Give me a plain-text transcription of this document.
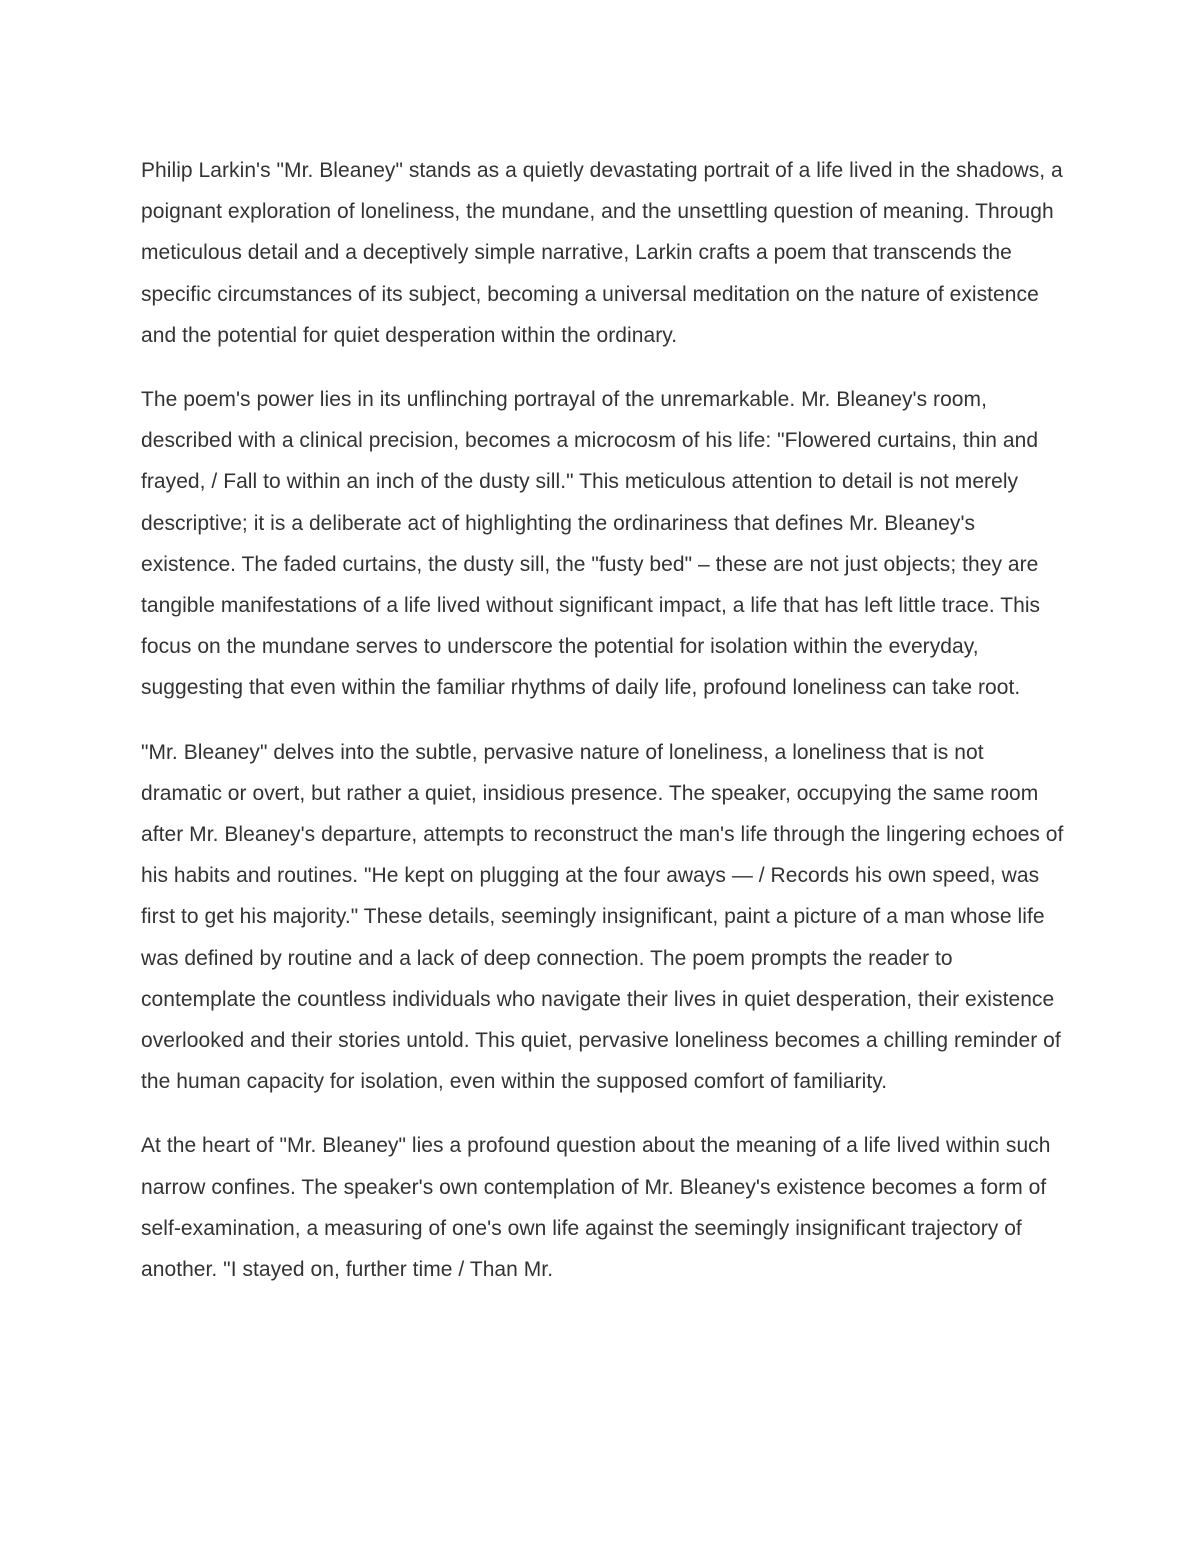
Philip Larkin's "Mr. Bleaney" stands as a quietly devastating portrait of a life lived in the shadows, a poignant exploration of loneliness, the mundane, and the unsettling question of meaning. Through meticulous detail and a deceptively simple narrative, Larkin crafts a poem that transcends the specific circumstances of its subject, becoming a universal meditation on the nature of existence and the potential for quiet desperation within the ordinary.

The poem's power lies in its unflinching portrayal of the unremarkable. Mr. Bleaney's room, described with a clinical precision, becomes a microcosm of his life: "Flowered curtains, thin and frayed, / Fall to within an inch of the dusty sill." This meticulous attention to detail is not merely descriptive; it is a deliberate act of highlighting the ordinariness that defines Mr. Bleaney's existence. The faded curtains, the dusty sill, the "fusty bed" – these are not just objects; they are tangible manifestations of a life lived without significant impact, a life that has left little trace. This focus on the mundane serves to underscore the potential for isolation within the everyday, suggesting that even within the familiar rhythms of daily life, profound loneliness can take root.

"Mr. Bleaney" delves into the subtle, pervasive nature of loneliness, a loneliness that is not dramatic or overt, but rather a quiet, insidious presence. The speaker, occupying the same room after Mr. Bleaney's departure, attempts to reconstruct the man's life through the lingering echoes of his habits and routines. "He kept on plugging at the four aways — / Records his own speed, was first to get his majority." These details, seemingly insignificant, paint a picture of a man whose life was defined by routine and a lack of deep connection. The poem prompts the reader to contemplate the countless individuals who navigate their lives in quiet desperation, their existence overlooked and their stories untold. This quiet, pervasive loneliness becomes a chilling reminder of the human capacity for isolation, even within the supposed comfort of familiarity.

At the heart of "Mr. Bleaney" lies a profound question about the meaning of a life lived within such narrow confines. The speaker's own contemplation of Mr. Bleaney's existence becomes a form of self-examination, a measuring of one's own life against the seemingly insignificant trajectory of another. "I stayed on, further time / Than Mr.
